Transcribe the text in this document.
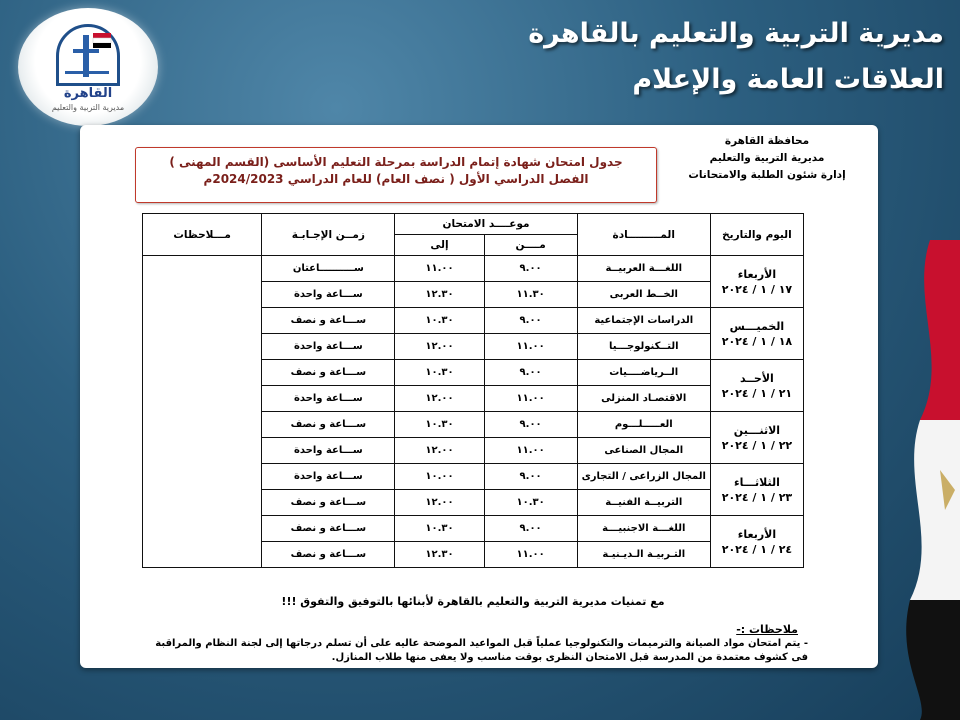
مديرية التربية والتعليم بالقاهرة
العلاقات العامة والإعلام
القاهرة
مديرية التربية والتعليم
محافظة القاهرة
مديرية التربية والتعليم
إدارة شئون الطلبة والامتحانات
جدول امتحان شهادة إتمام الدراسة بمرحلة التعليم الأساسى (القسم المهنى )
الفصل الدراسي الأول ( نصف العام) للعام الدراسي 2024/2023م
اليوم والتاريخ	المـــــــــادة	موعــــد الامتحان		زمــن الإجـابـة	مـــلاحظات
		مــــن	إلى		

الأربعاء
١٧ / ١ / ٢٠٢٤	اللغـــة العربيــة	٩.٠٠	١١.٠٠	ســــــــــاعتان	
	الخــط العربى	١١.٣٠	١٢.٣٠	ســـاعة واحدة	

الخميـــس
١٨ / ١ / ٢٠٢٤	الدراسات الإجتماعية	٩.٠٠	١٠.٣٠	ســـاعة و نصف	
	التــكنولوجـــيا	١١.٠٠	١٢.٠٠	ســـاعة واحدة	

الأحــد
٢١ / ١ / ٢٠٢٤	الــرياضــــيات	٩.٠٠	١٠.٣٠	ســـاعة و نصف	
	الاقتصـاد المنزلى	١١.٠٠	١٢.٠٠	ســـاعة واحدة	

الاثنـــين
٢٢ / ١ / ٢٠٢٤	العـــــلـــوم	٩.٠٠	١٠.٣٠	ســـاعة و نصف	
	المجال الصناعى	١١.٠٠	١٢.٠٠	ســـاعة واحدة	

الثلاثـــاء
٢٣ / ١ / ٢٠٢٤	المجال الزراعى / التجارى	٩.٠٠	١٠.٠٠	ســـاعة واحدة	
	التربيــة الفنيــة	١٠.٣٠	١٢.٠٠	ســـاعة و نصف	

الأربعاء
٢٤ / ١ / ٢٠٢٤	اللغـــة الاجنبيـــة	٩.٠٠	١٠.٣٠	ســـاعة و نصف	
	التـربيـة الـديـنيـة	١١.٠٠	١٢.٣٠	ســـاعة و نصف	
مع تمنيات مديرية التربية والتعليم بالقاهرة لأبنائها بالتوفيق والتفوق !!!
ملاحظات :-
- يتم امتحان مواد الصيانة والترميمات والتكنولوجيا عملياً قبل المواعيد الموضحة عاليه على أن تسلم درجاتها إلى لجنة النظام والمراقبة فى كشوف معتمدة من المدرسة قبل الامتحان النظرى بوقت مناسب ولا يعفى منها طلاب المنازل.
